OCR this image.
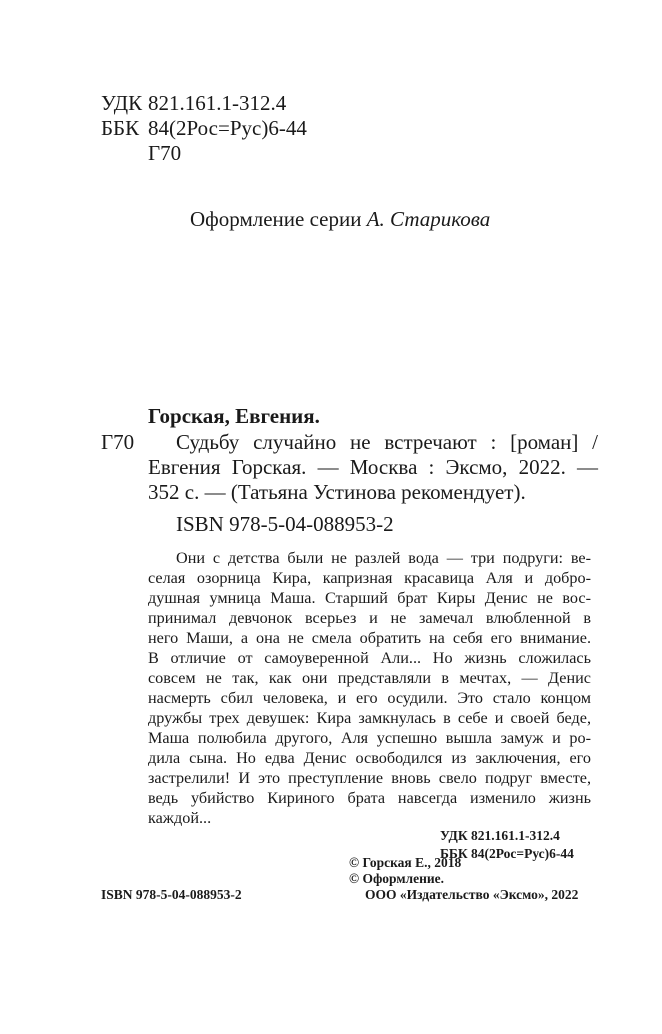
УДК 821.161.1-312.4
ББК 84(2Рос=Рус)6-44
Г70
Оформление серии А. Старикова
Горская, Евгения.
Г70 Судьбу случайно не встречают : [роман] /
Евгения Горская. — Москва : Эксмо, 2022. —
352 с. — (Татьяна Устинова рекомендует).
ISBN 978-5-04-088953-2
Они с детства были не разлей вода — три подруги: ве-
селая озорница Кира, капризная красавица Аля и добро-
душная умница Маша. Старший брат Киры Денис не вос-
принимал девчонок всерьез и не замечал влюбленной в
него Маши, а она не смела обратить на себя его внимание.
В отличие от самоуверенной Али... Но жизнь сложилась
совсем не так, как они представляли в мечтах, — Денис
насмерть сбил человека, и его осудили. Это стало концом
дружбы трех девушек: Кира замкнулась в себе и своей беде,
Маша полюбила другого, Аля успешно вышла замуж и ро-
дила сына. Но едва Денис освободился из заключения, его
застрелили! И это преступление вновь свело подруг вместе,
ведь убийство Кириного брата навсегда изменило жизнь
каждой...
УДК 821.161.1-312.4
ББК 84(2Рос=Рус)6-44
© Горская Е., 2018
© Оформление.
ООО «Издательство «Эксмо», 2022
ISBN 978-5-04-088953-2
